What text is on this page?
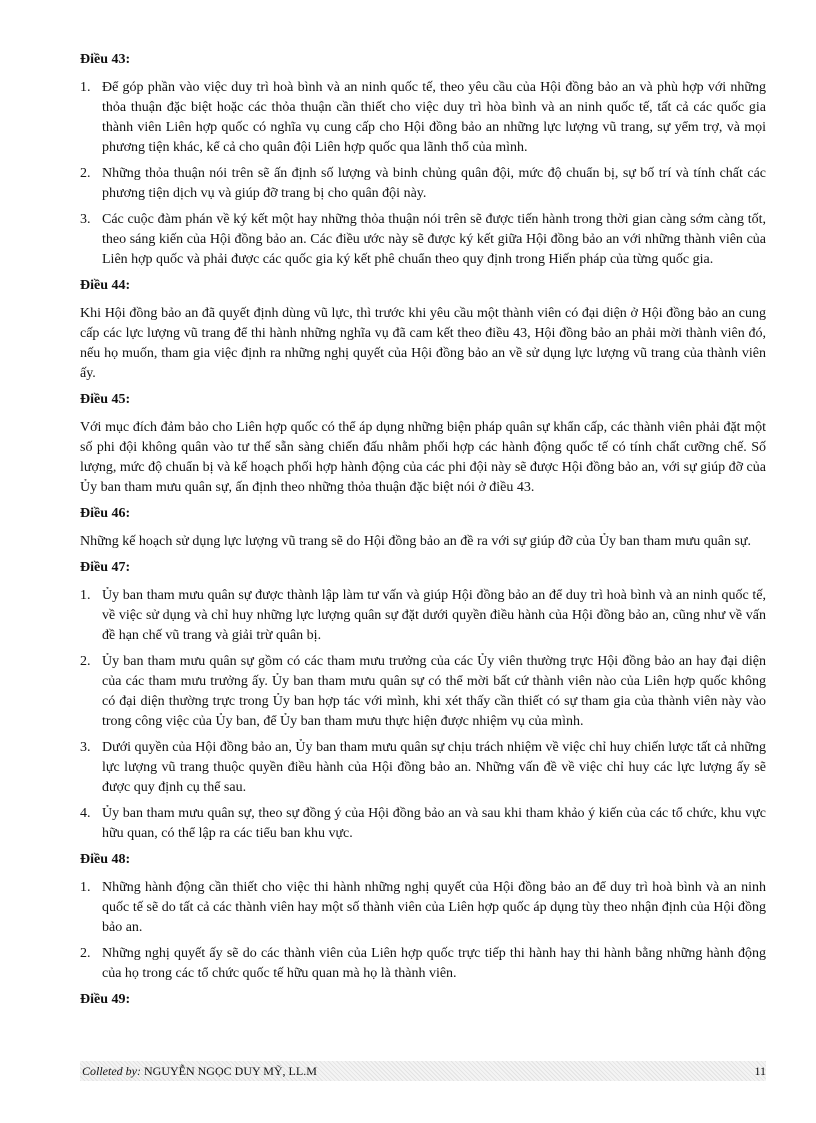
Điều 43:
1. Để góp phần vào việc duy trì hoà bình và an ninh quốc tế, theo yêu cầu của Hội đồng bảo an và phù hợp với những thỏa thuận đặc biệt hoặc các thỏa thuận cần thiết cho việc duy trì hòa bình và an ninh quốc tế, tất cả các quốc gia thành viên Liên hợp quốc có nghĩa vụ cung cấp cho Hội đồng bảo an những lực lượng vũ trang, sự yểm trợ, và mọi phương tiện khác, kể cả cho quân đội Liên hợp quốc qua lãnh thổ của mình.
2. Những thỏa thuận nói trên sẽ ấn định số lượng và binh chủng quân đội, mức độ chuẩn bị, sự bố trí và tính chất các phương tiện dịch vụ và giúp đỡ trang bị cho quân đội này.
3. Các cuộc đàm phán về ký kết một hay những thỏa thuận nói trên sẽ được tiến hành trong thời gian càng sớm càng tốt, theo sáng kiến của Hội đồng bảo an. Các điều ước này sẽ được ký kết giữa Hội đồng bảo an với những thành viên của Liên hợp quốc và phải được các quốc gia ký kết phê chuẩn theo quy định trong Hiến pháp của từng quốc gia.
Điều 44:

Khi Hội đồng bảo an đã quyết định dùng vũ lực, thì trước khi yêu cầu một thành viên có đại diện ở Hội đồng bảo an cung cấp các lực lượng vũ trang để thi hành những nghĩa vụ đã cam kết theo điều 43, Hội đồng bảo an phải mời thành viên đó, nếu họ muốn, tham gia việc định ra những nghị quyết của Hội đồng bảo an về sử dụng lực lượng vũ trang của thành viên ấy.

Điều 45:

Với mục đích đảm bảo cho Liên hợp quốc có thể áp dụng những biện pháp quân sự khẩn cấp, các thành viên phải đặt một số phi đội không quân vào tư thế sẵn sàng chiến đấu nhằm phối hợp các hành động quốc tế có tính chất cưỡng chế. Số lượng, mức độ chuẩn bị và kế hoạch phối hợp hành động của các phi đội này sẽ được Hội đồng bảo an, với sự giúp đỡ của Ủy ban tham mưu quân sự, ấn định theo những thỏa thuận đặc biệt nói ở điều 43.

Điều 46:

Những kế hoạch sử dụng lực lượng vũ trang sẽ do Hội đồng bảo an đề ra với sự giúp đỡ của Ủy ban tham mưu quân sự.

Điều 47:
1. Ủy ban tham mưu quân sự được thành lập làm tư vấn và giúp Hội đồng bảo an để duy trì hoà bình và an ninh quốc tế, về việc sử dụng và chỉ huy những lực lượng quân sự đặt dưới quyền điều hành của Hội đồng bảo an, cũng như về vấn đề hạn chế vũ trang và giải trừ quân bị.
2. Ủy ban tham mưu quân sự gồm có các tham mưu trưởng của các Ủy viên thường trực Hội đồng bảo an hay đại diện của các tham mưu trưởng ấy. Ủy ban tham mưu quân sự có thể mời bất cứ thành viên nào của Liên hợp quốc không có đại diện thường trực trong Ủy ban hợp tác với mình, khi xét thấy cần thiết có sự tham gia của thành viên này vào trong công việc của Ủy ban, để Ủy ban tham mưu thực hiện được nhiệm vụ của mình.
3. Dưới quyền của Hội đồng bảo an, Ủy ban tham mưu quân sự chịu trách nhiệm về việc chỉ huy chiến lược tất cả những lực lượng vũ trang thuộc quyền điều hành của Hội đồng bảo an. Những vấn đề về việc chỉ huy các lực lượng ấy sẽ được quy định cụ thể sau.
4. Ủy ban tham mưu quân sự, theo sự đồng ý của Hội đồng bảo an và sau khi tham khảo ý kiến của các tổ chức, khu vực hữu quan, có thể lập ra các tiểu ban khu vực.
Điều 48:
1. Những hành động cần thiết cho việc thi hành những nghị quyết của Hội đồng bảo an để duy trì hoà bình và an ninh quốc tế sẽ do tất cả các thành viên hay một số thành viên của Liên hợp quốc áp dụng tùy theo nhận định của Hội đồng bảo an.
2. Những nghị quyết ấy sẽ do các thành viên của Liên hợp quốc trực tiếp thi hành hay thi hành bằng những hành động của họ trong các tổ chức quốc tế hữu quan mà họ là thành viên.
Điều 49:
Colleted by: NGUYỄN NGỌC DUY MỸ, LL.M	11
